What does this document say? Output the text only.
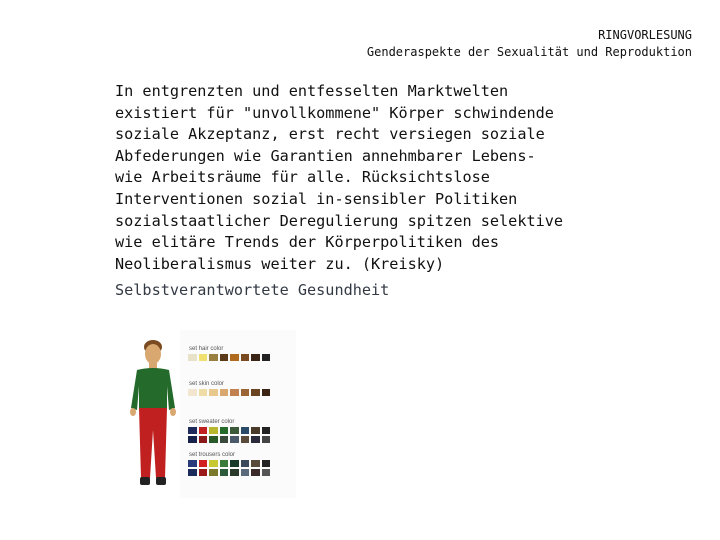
RINGVORLESUNG
Genderaspekte der Sexualität und Reproduktion
In entgrenzten und entfesselten Marktwelten
existiert für "unvollkommene" Körper schwindende
soziale Akzeptanz, erst recht versiegen soziale
Abfederungen wie Garantien annehmbarer Lebens-
wie Arbeitsräume für alle. Rücksichtslose
Interventionen sozial in-sensibler Politiken
sozialstaatlicher Deregulierung spitzen selektive
wie elitäre Trends der Körperpolitiken des
Neoliberalismus weiter zu. (Kreisky)
Selbstverantwortete Gesundheit
set hair color
set skin color
set sweater color
set trousers color
